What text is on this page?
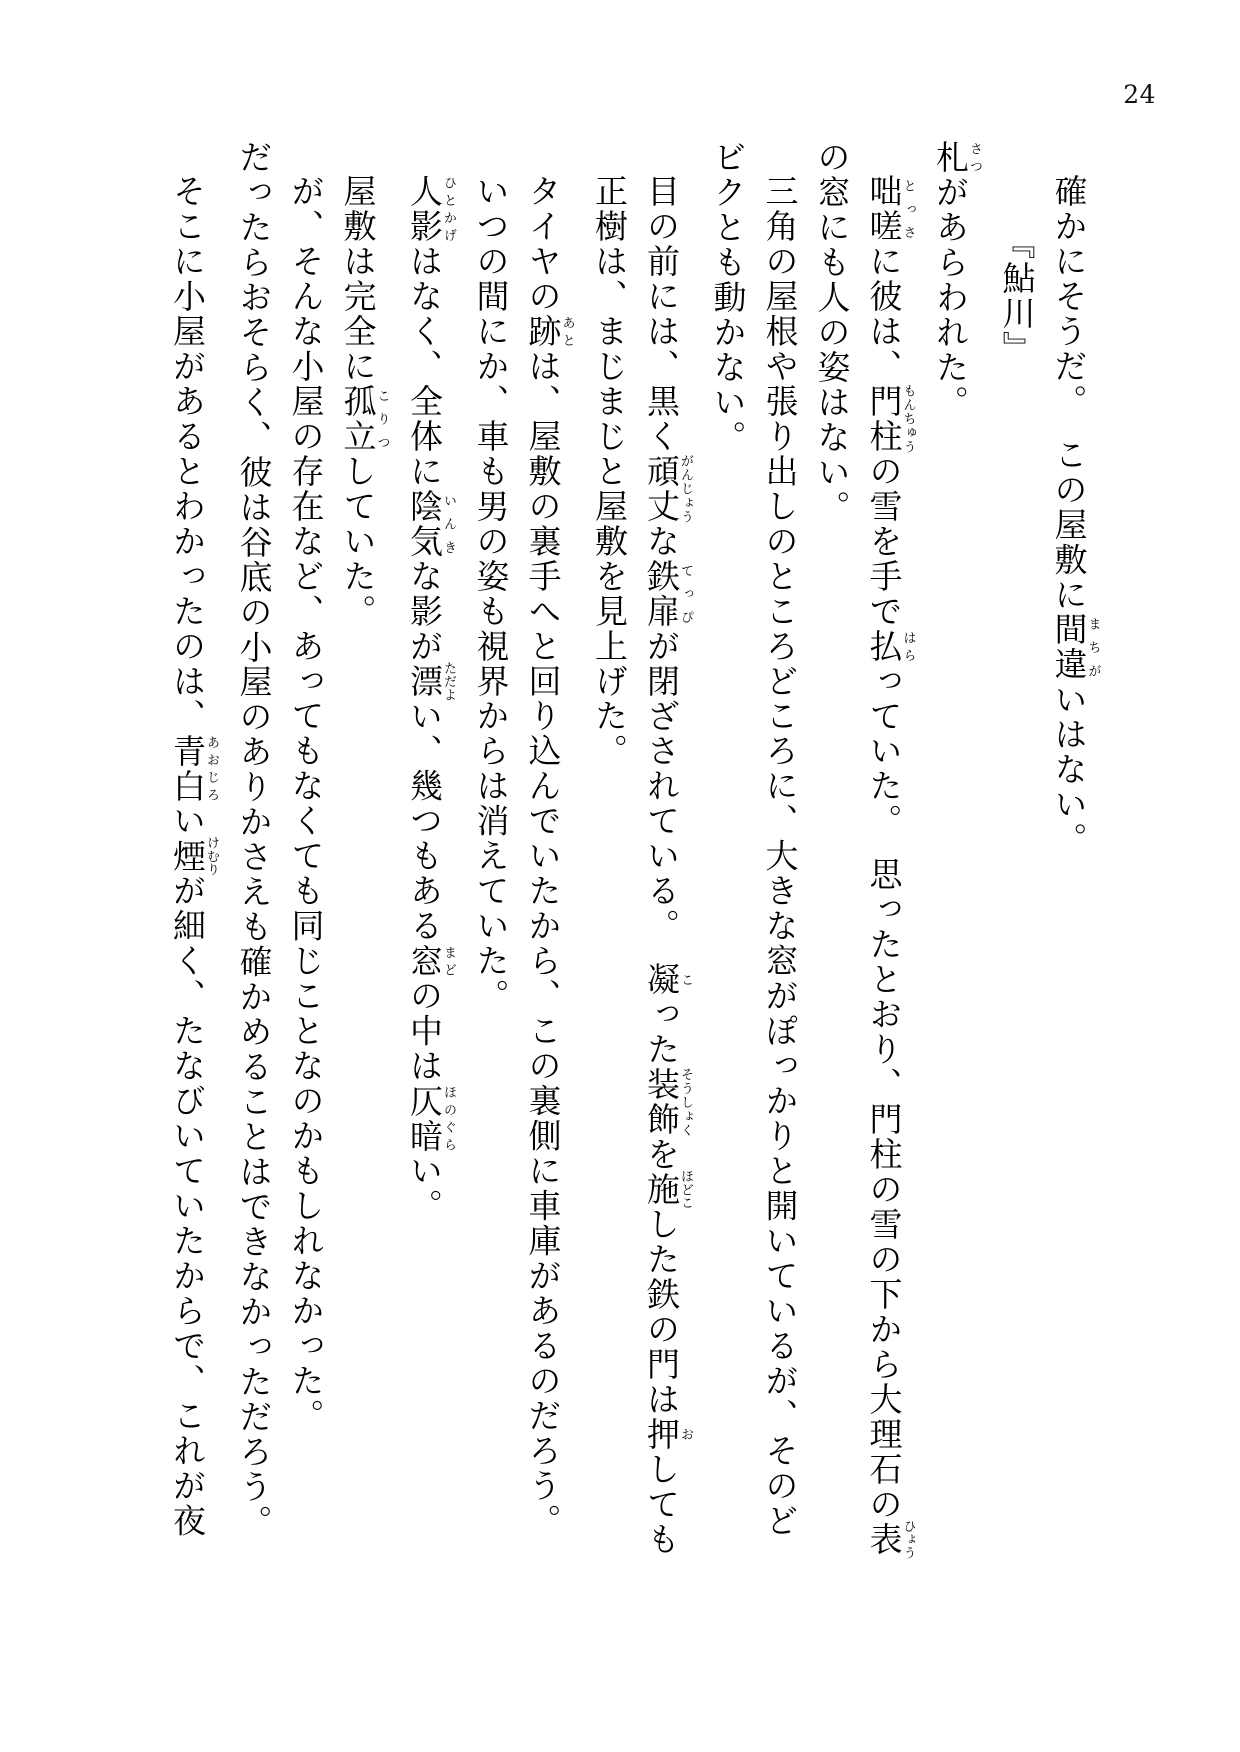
24
そこに小屋があるとわかったのは、青白あおじろい煙けむりが細く、たなびいていたからで、これが夜 だったらおそらく、彼は谷底の小屋のありかさえも確かめることはできなかっただろう。 が、そんな小屋の存在など、あってもなくても同じことなのかもしれなかった。 屋敷は完全に孤立こりつしていた。
人影ひとかげはなく、全体に陰気いんきな影が漂ただよい、幾つもある窓まどの中は仄暗ほのぐらい。
いつの間にか、車も男の姿も視界からは消えていた。 タイヤの跡あとは、屋敷の裏手へと回り込んでいたから、この裏側に車庫があるのだろう。 正樹は、まじまじと屋敷を見上げた。 目の前には、黒く頑丈がんじょうな鉄扉てっぴが閉ざされている。　凝こった装飾そうしょくを施ほどこした鉄の門は押おしても
ビクとも動かない。 三角の屋根や張り出しのところどころに、大きな窓がぽっかりと開いているが、そのど の窓にも人の姿はない。 咄嗟とっさに彼は、門柱もんちゅうの雪を手で払はらっていた。　思ったとおり、門柱の雪の下から大理石の表ひょう
札さつがあらわれた。 『鮎川』 確かにそうだ。　この屋敷に間違まちがいはない。
